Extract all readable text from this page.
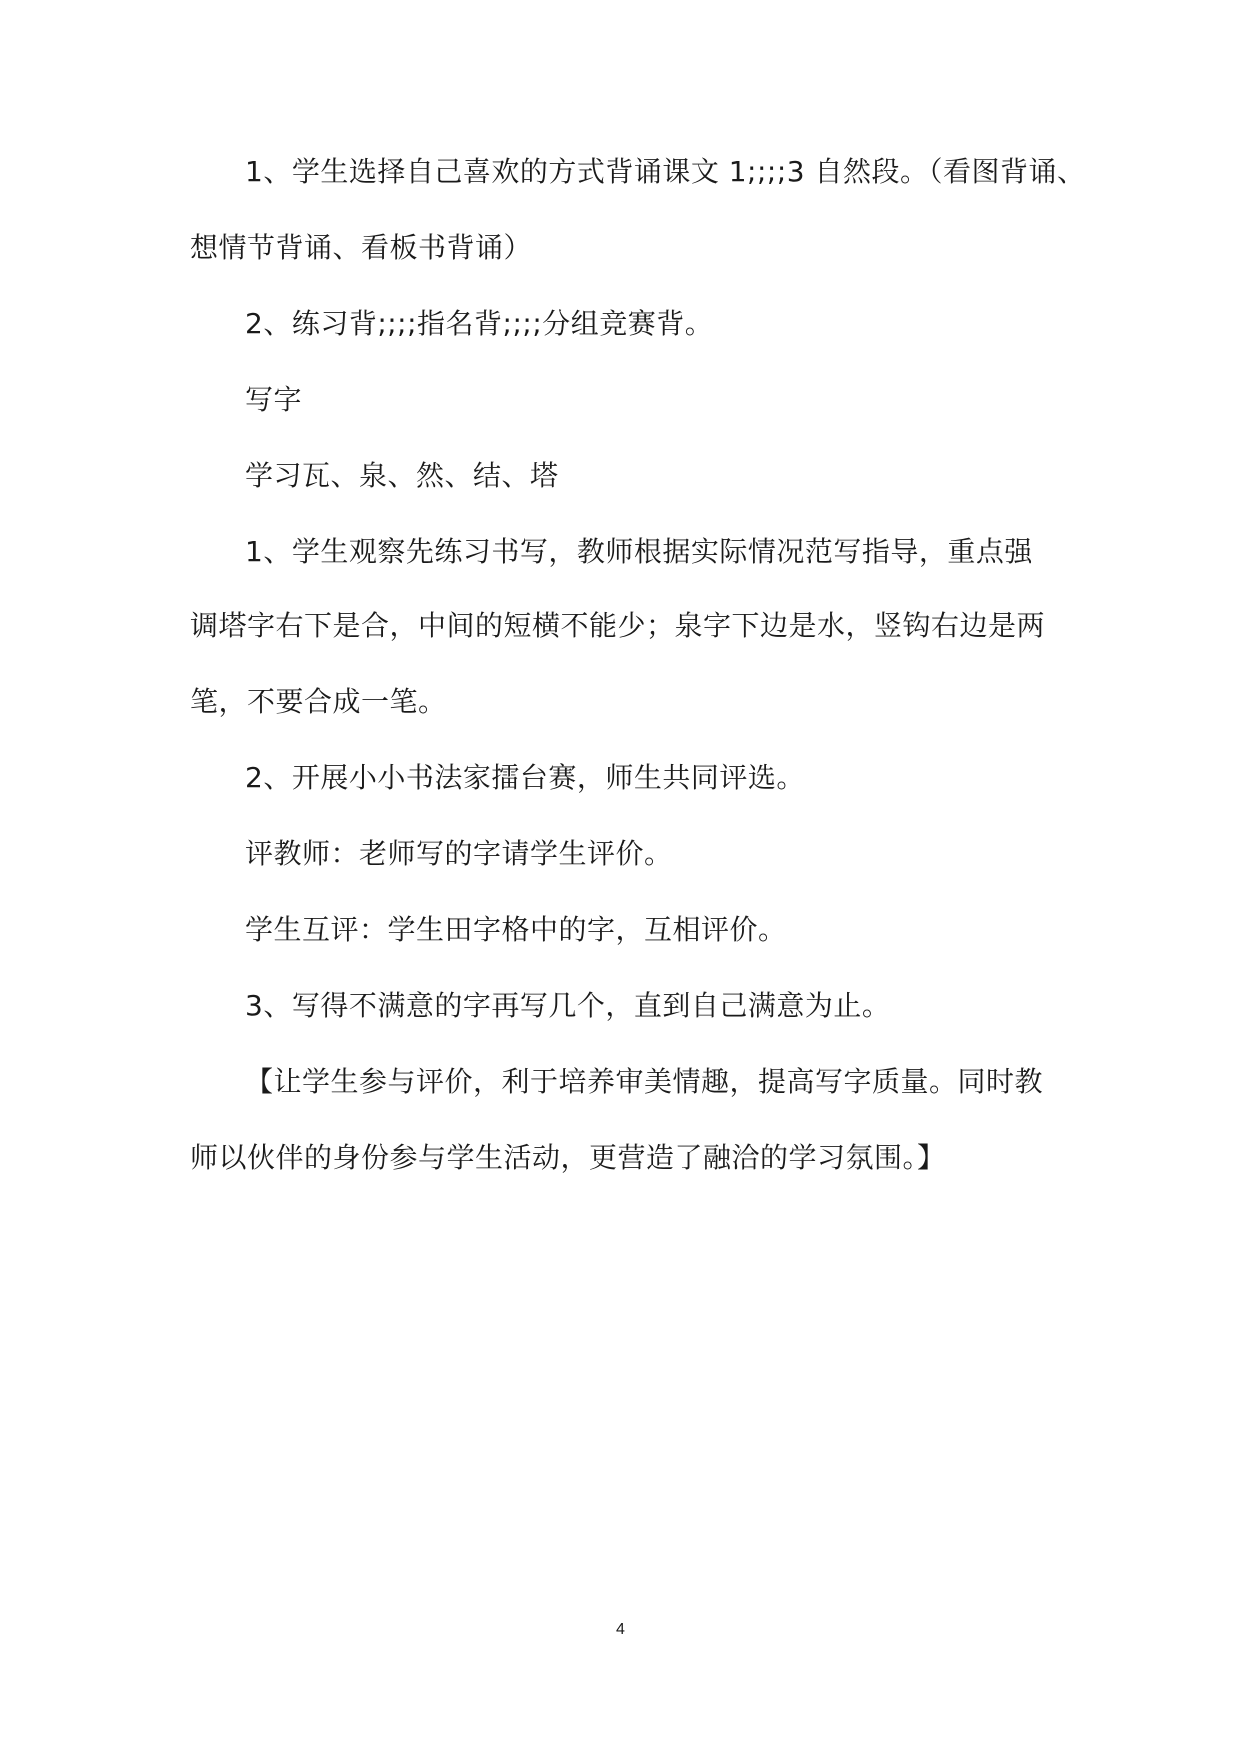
1、学生选择自己喜欢的方式背诵课文 1;;;;3 自然段。（看图背诵、
想情节背诵、看板书背诵）
2、练习背;;;;指名背;;;;分组竞赛背。
写字
学习瓦、泉、然、结、塔
1、学生观察先练习书写，教师根据实际情况范写指导，重点强
调塔字右下是合，中间的短横不能少；泉字下边是水，竖钩右边是两
笔，不要合成一笔。
2、开展小小书法家擂台赛，师生共同评选。
评教师：老师写的字请学生评价。
学生互评：学生田字格中的字，互相评价。
3、写得不满意的字再写几个，直到自己满意为止。
【让学生参与评价，利于培养审美情趣，提高写字质量。同时教
师以伙伴的身份参与学生活动，更营造了融洽的学习氛围。】
4
